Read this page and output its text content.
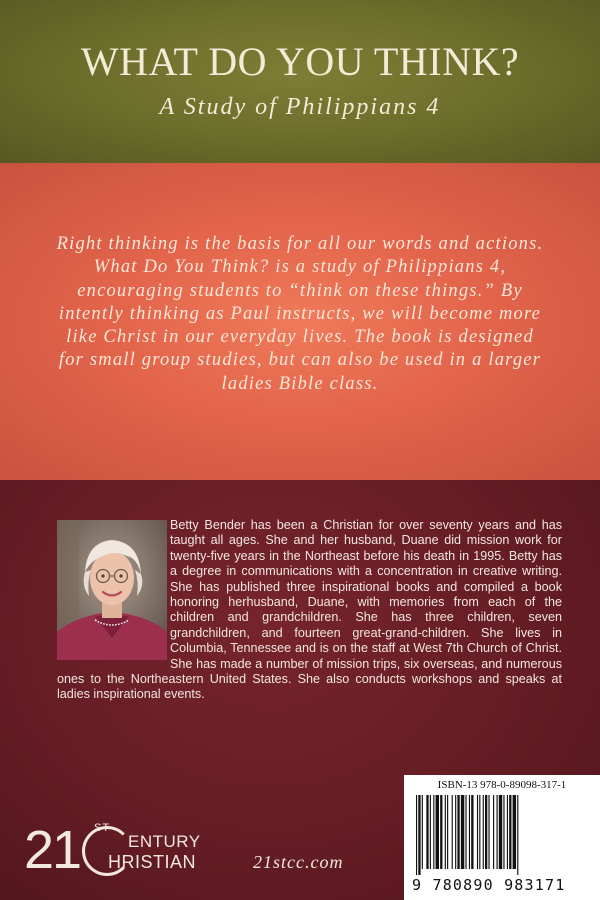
WHAT DO YOU THINK?
A Study of Philippians 4

Right thinking is the basis for all our words and actions. What Do You Think? is a study of Philippians 4, encouraging students to “think on these things.” By intently thinking as Paul instructs, we will become more like Christ in our everyday lives. The book is designed for small group studies, but can also be used in a larger ladies Bible class.

Betty Bender has been a Christian for over seventy years and has taught all ages. She and her husband, Duane did mission work for twenty-five years in the Northeast before his death in 1995. Betty has a degree in communications with a concentration in creative writing. She has published three inspirational books and compiled a book honoring herhusband, Duane, with memories from each of the children and grandchildren. She has three children, seven grandchildren, and fourteen great-grand-children. She lives in Columbia, Tennessee and is on the staff at West 7th Church of Christ. She has made a number of mission trips, six overseas, and numerous ones to the Northeastern United States. She also conducts workshops and speaks at ladies inspirational events.

21 ST
ENTURY
HRISTIAN	21stcc.com

ISBN-13 978-0-89098-317-1

9 780890 983171
